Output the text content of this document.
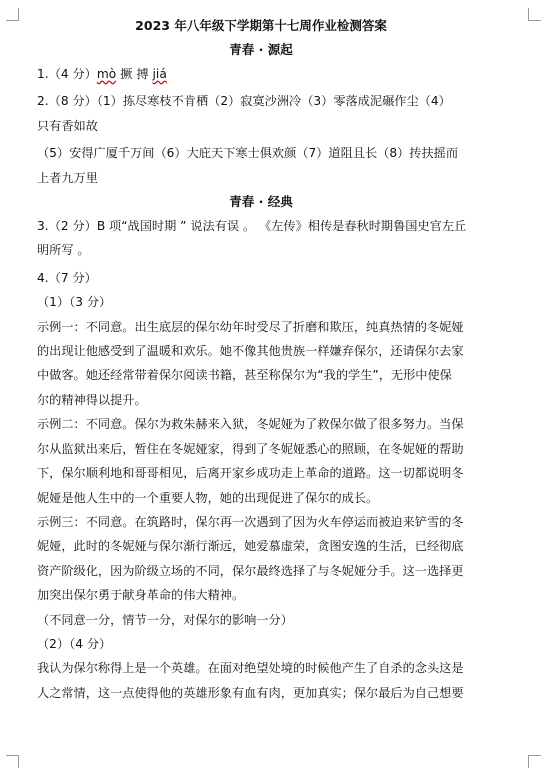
2023 年八年级下学期第十七周作业检测答案

青春 · 源起

1.（4 分）mò 撅 搏 jiá

2.（8 分）（1）拣尽寒枝不肯栖（2）寂寞沙洲冷（3）零落成泥碾作尘（4）

只有香如故

（5）安得广厦千万间（6）大庇天下寒士俱欢颜（7）道阻且长（8）抟扶摇而

上者九万里

青春 · 经典

3.（2 分）B 项“战国时期 ” 说法有误 。 《左传》相传是春秋时期鲁国史官左丘

明所写 。

4.（7 分）

（1）（3 分）

示例一：不同意。出生底层的保尔幼年时受尽了折磨和欺压，纯真热情的冬妮娅

的出现让他感受到了温暖和欢乐。她不像其他贵族一样嫌弃保尔，还请保尔去家

中做客。她还经常带着保尔阅读书籍，甚至称保尔为“我的学生”，无形中使保

尔的精神得以提升。

示例二：不同意。保尔为救朱赫来入狱，冬妮娅为了救保尔做了很多努力。当保

尔从监狱出来后，暂住在冬妮娅家，得到了冬妮娅悉心的照顾，在冬妮娅的帮助

下，保尔顺利地和哥哥相见，后离开家乡成功走上革命的道路。这一切都说明冬

妮娅是他人生中的一个重要人物，她的出现促进了保尔的成长。

示例三：不同意。在筑路时，保尔再一次遇到了因为火车停运而被迫来铲雪的冬

妮娅，此时的冬妮娅与保尔渐行渐远，她爱慕虚荣，贪图安逸的生活，已经彻底

资产阶级化，因为阶级立场的不同，保尔最终选择了与冬妮娅分手。这一选择更

加突出保尔勇于献身革命的伟大精神。

（不同意一分，情节一分，对保尔的影响一分）

（2）（4 分）

我认为保尔称得上是一个英雄。在面对绝望处境的时候他产生了自杀的念头这是

人之常情，这一点使得他的英雄形象有血有肉，更加真实；保尔最后为自己想要
